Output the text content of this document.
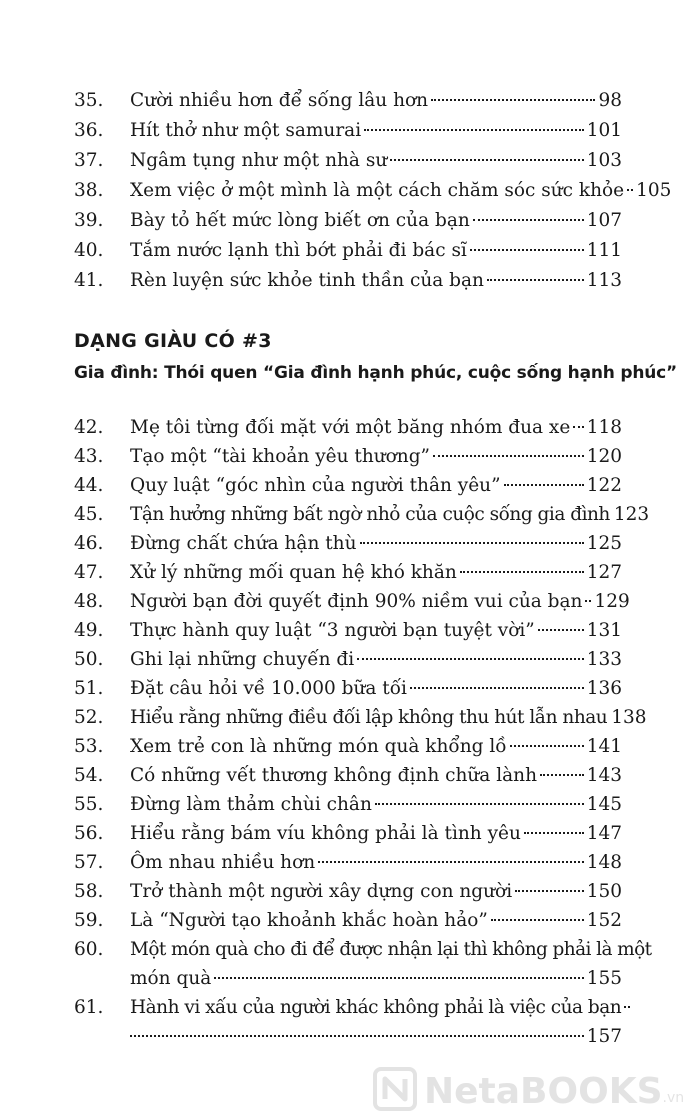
35. Cười nhiều hơn để sống lâu hơn	98
36. Hít thở như một samurai	101
37. Ngâm tụng như một nhà sư	103
38. Xem việc ở một mình là một cách chăm sóc sức khỏe 105
39. Bày tỏ hết mức lòng biết ơn của bạn	107
40. Tắm nước lạnh thì bớt phải đi bác sĩ	111
41. Rèn luyện sức khỏe tinh thần của bạn	113
DẠNG GIÀU CÓ #3
Gia đình: Thói quen “Gia đình hạnh phúc, cuộc sống hạnh phúc”
42. Mẹ tôi từng đối mặt với một băng nhóm đua xe 118
43. Tạo một “tài khoản yêu thương”	120
44. Quy luật “góc nhìn của người thân yêu”	122
45. Tận hưởng những bất ngờ nhỏ của cuộc sống gia đình 123
46. Đừng chất chứa hận thù	125
47. Xử lý những mối quan hệ khó khăn	127
48. Người bạn đời quyết định 90% niềm vui của bạn 129
49. Thực hành quy luật “3 người bạn tuyệt vời”	131
50. Ghi lại những chuyến đi	133
51. Đặt câu hỏi về 10.000 bữa tối	136
52. Hiểu rằng những điều đối lập không thu hút lẫn nhau 138
53. Xem trẻ con là những món quà khổng lồ	141
54. Có những vết thương không định chữa lành	143
55. Đừng làm thảm chùi chân	145
56. Hiểu rằng bám víu không phải là tình yêu	147
57. Ôm nhau nhiều hơn	148
58. Trở thành một người xây dựng con người	150
59. Là “Người tạo khoảnh khắc hoàn hảo”	152
60. Một món quà cho đi để được nhận lại thì không phải là một
món quà	155
61. Hành vi xấu của người khác không phải là việc của bạn
157
NetaBOOKS .vn
